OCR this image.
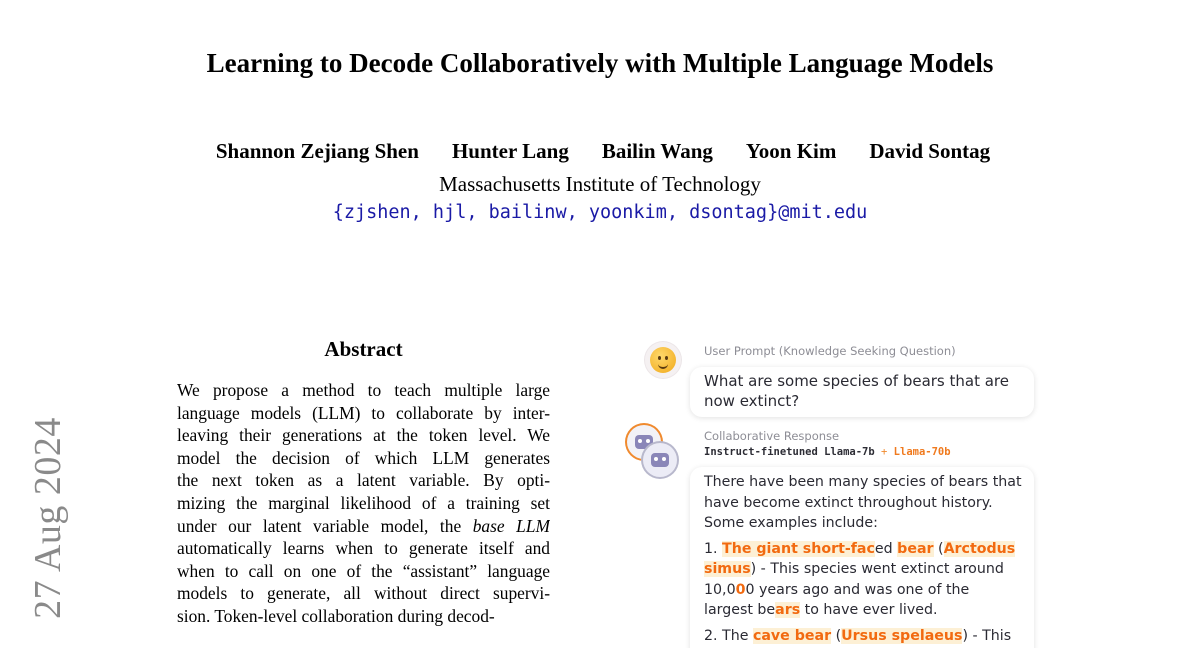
27 Aug 2024
Learning to Decode Collaboratively with Multiple Language Models
Shannon Zejiang Shen Hunter Lang Bailin Wang Yoon Kim David Sontag
Massachusetts Institute of Technology
{zjshen, hjl, bailinw, yoonkim, dsontag}@mit.edu
Abstract
We propose a method to teach multiple large
language models (LLM) to collaborate by inter-
leaving their generations at the token level. We
model the decision of which LLM generates
the next token as a latent variable. By opti-
mizing the marginal likelihood of a training set
under our latent variable model, the base LLM
automatically learns when to generate itself and
when to call on one of the “assistant” language
models to generate, all without direct supervi-
sion. Token-level collaboration during decod-
User Prompt (Knowledge Seeking Question)
What are some species of bears that are now extinct?
Collaborative Response
Instruct-finetuned Llama-7b + Llama-70b

There have been many species of bears that have become extinct throughout history. Some examples include:

1. The giant short-faced bear (Arctodus simus) - This species went extinct around 10,000 years ago and was one of the largest bears to have ever lived.

2. The cave bear (Ursus spelaeus) - This
